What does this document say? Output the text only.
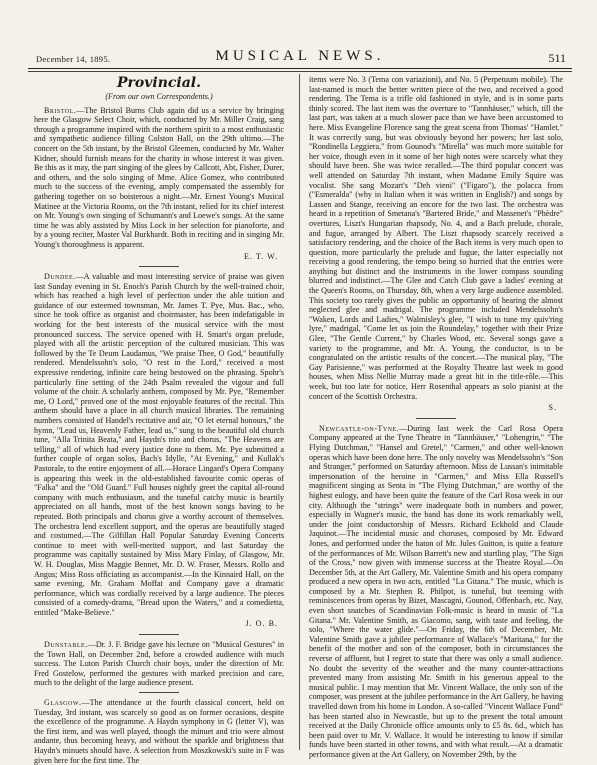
December 14, 1895.	MUSICAL NEWS.	511
Provincial.
(From our own Correspondents.)

Bristol.—The Bristol Burns Club again did us a service by bringing here the Glasgow Select Choir, which, conducted by Mr. Miller Craig, sang through a programme inspired with the northern spirit to a most enthusiastic and sympathetic audience filling Colston Hall, on the 29th ultimo.—The concert on the 5th instant, by the Bristol Gleemen, conducted by Mr. Walter Kidner, should furnish means for the charity in whose interest it was given. Be this as it may, the part singing of the glees by Callcott, Abt, Fisher, Durer, and others, and the solo singing of Mme. Alice Gomez, who contributed much to the success of the evening, amply compensated the assembly for gathering together on so boisterous a night.—Mr. Ernest Young's Musical Matinee at the Victoria Rooms, on the 7th instant, relied for its chief interest on Mr. Young's own singing of Schumann's and Loewe's songs. At the same time he was ably assisted by Miss Lock in her selection for pianoforte, and by a young reciter, Master Val Burkhardt. Both in reciting and in singing Mr. Young's thoroughness is apparent.

E. T. W.

Dundee.—A valuable and most interesting service of praise was given last Sunday evening in St. Enoch's Parish Church by the well-trained choir, which has reached a high level of perfection under the able tuition and guidance of our esteemed townsman, Mr. James T. Pye, Mus. Bac., who, since he took office as organist and choirmaster, has been indefatigable in working for the best interests of the musical service with the most pronounced success. The service opened with H. Smart's organ prelude, played with all the artistic perception of the cultured musician. This was followed by the Te Deum Laudamus, "We praise Thee, O God," beautifully rendered. Mendelssohn's solo, "O rest in the Lord," received a most expressive rendering, infinite care being bestowed on the phrasing. Spohr's particularly fine setting of the 24th Psalm revealed the vigour and full volume of the choir. A scholarly anthem, composed by Mr. Pye, "Remember me, O Lord," proved one of the most enjoyable features of the recital. This anthem should have a place in all church musical libraries. The remaining numbers consisted of Handel's recitative and air, "O let eternal honours," the hymn, "Lead us, Heavenly Father, lead us," sung to the beautiful old church tune, "Alla Trinita Beata," and Haydn's trio and chorus, "The Heavens are telling," all of which had every justice done to them. Mr. Pye submitted a further couple of organ solos, Bach's Idylle, "At Evening," and Kullak's Pastorale, to the entire enjoyment of all.—Horace Lingard's Opera Company is appearing this week in the old-established favourite comic operas of "Falka" and the "Old Guard." Full houses nightly greet the capital all-round company with much enthusiasm, and the tuneful catchy music is heartily appreciated on all hands, most of the best known songs having to be repeated. Both principals and chorus give a worthy account of themselves. The orchestra lend excellent support, and the operas are beautifully staged and costumed.—The Gilfillan Hall Popular Saturday Evening Concerts continue to meet with well-merited support, and last Saturday the programme was capitally sustained by Miss Mary Finlay, of Glasgow, Mr. W. H. Douglas, Miss Maggie Bennet, Mr. D. W. Fraser, Messrs. Rollo and Angus; Miss Ross officiating as accompanist.—In the Kinnaird Hall, on the same evening, Mr. Graham Moffat and Company gave a dramatic performance, which was cordially received by a large audience. The pieces consisted of a comedy-drama, "Bread upon the Waters," and a comedietta, entitled "Make-Believe."

J. O. B.

Dunstable.—Dr. J. F. Bridge gave his lecture on "Musical Gestures" in the Town Hall, on December 2nd, before a crowded audience with much success. The Luton Parish Church choir boys, under the direction of Mr. Fred Gostelow, performed the gestures with marked precision and care, much to the delight of the large audience present.

Glasgow.—The attendance at the fourth classical concert, held on Tuesday, 3rd instant, was scarcely so good as on former occasions, despite the excellence of the programme. A Haydn symphony in G (letter V), was the first item, and was well played, though the minuet and trio were almost andante, thus becoming heavy, and without the sparkle and brightness that Haydn's minuets should have. A selection from Moszkowski's suite in F was given here for the first time. The

items were No. 3 (Tema con variazioni), and No. 5 (Perpetuum mobile). The last-named is much the better written piece of the two, and received a good rendering. The Tema is a trifle old fashioned in style, and is in some parts thinly scored. The last item was the overture to "Tannhäuser," which, till the last part, was taken at a much slower pace than we have been accustomed to here. Miss Evangeline Florence sang the great scena from Thomas' "Hamlet." It was correctly sung, but was obviously beyond her powers; her last solo, "Rondinella Leggiera," from Gounod's "Mirella" was much more suitable for her voice, though even in it some of her high notes were scarcely what they should have been. She was twice recalled.—The third popular concert was well attended on Saturday 7th instant, when Madame Emily Squire was vocalist. She sang Mozart's "Deh vieni" ("Figaro"), the polacca from ("Esmeralda" (why in Italian when it was written in English?) and songs by Lassen and Stange, receiving an encore for the two last. The orchestra was heard in a repetition of Smetana's "Bartered Bride," and Massenet's "Phèdre" overtures, Liszt's Hungarian rhapsody, No. 4, and a Bach prelude, chorale, and fugue, arranged by Albert. The Liszt rhapsody scarcely received a satisfactory rendering, and the choice of the Bach items is very much open to question, more particularly the prelude and fugue, the latter especially not receiving a good rendering, the tempo being so hurried that the entries were anything but distinct and the instruments in the lower compass sounding blurred and indistinct.—The Glee and Catch Club gave a ladies' evening at the Queen's Rooms, on Thursday, 8th, when a very large audience assembled. This society too rarely gives the public an opportunity of hearing the almost neglected glee and madrigal. The programme included Mendelssohn's "Waken, Lords and Ladies," Walmisley's glee, "I wish to tune my quiv'ring lyre," madrigal, "Come let us join the Roundelay," together with their Prize Glee, "The Gentle Current," by Charles Wood, etc. Several songs gave a variety to the programme, and Mr. A. Young, the conductor, is to be congratulated on the artistic results of the concert.—The musical play, "The Gay Parisienne," was performed at the Royalty Theatre last week to good houses, when Miss Nellie Murray made a great hit in the title-rôle.—This week, but too late for notice, Herr Rosenthal appears as solo pianist at the concert of the Scottish Orchestra.

S.

Newcastle-on-Tyne.—During last week the Carl Rosa Opera Company appeared at the Tyne Theatre in "Tannhäuser," "Lohengrin," "The Flying Dutchman," "Hansel and Gretel," "Carmen," and other well-known operas which have been done here. The only novelty was Mendelssohn's "Son and Stranger," performed on Saturday afternoon. Miss de Lussan's inimitable impersonation of the heroine in "Carmen," and Miss Ella Russell's magnificent singing as Senta in "The Flying Dutchman," are worthy of the highest eulogy, and have been quite the feature of the Carl Rosa week in our city. Although the "strings" were inadequate both in numbers and power, especially in Wagner's music, the band has done its work remarkably well, under the joint conductorship of Messrs. Richard Eckhold and Claude Jaquinot.—The incidental music and choruses, composed by Mr. Edward Jones, and performed under the baton of Mr. Jules Guitton, is quite a feature of the performances of Mr. Wilson Barrett's new and startling play, "The Sign of the Cross," now given with immense success at the Theatre Royal.—On December 5th, at the Art Gallery, Mr. Valentine Smith and his opera company produced a new opera in two acts, entitled "La Gitana." The music, which is composed by a Mr. Stephen R. Philpot, is tuneful, but teeming with reminiscences from operas by Bizet, Mascagni, Gounod, Offenbach, etc. Nay, even short snatches of Scandinavian Folk-music is heard in music of "La Gitana." Mr. Valentine Smith, as Giacomo, sang, with taste and feeling, the solo, "Where the water glide."—On Friday, the 6th of December, Mr. Valentine Smith gave a jubilee performance of Wallace's "Maritana," for the benefit of the mother and son of the composer, both in circumstances the reverse of affluent, but I regret to state that there was only a small audience. No doubt the severity of the weather and the many counter-attractions prevented many from assisting Mr. Smith in his generous appeal to the musical public. I may mention that Mr. Vincent Wallace, the only son of the composer, was present at the jubilee performance in the Art Gallery, he having travelled down from his home in London. A so-called "Vincent Wallace Fund" has been started also in Newcastle, but up to the present the total amount received at the Daily Chronicle office amounts only to £5 8s. 6d., which has been paid over to Mr. V. Wallace. It would be interesting to know if similar funds have been started in other towns, and with what result.—At a dramatic performance given at the Art Gallery, on November 29th, by the
